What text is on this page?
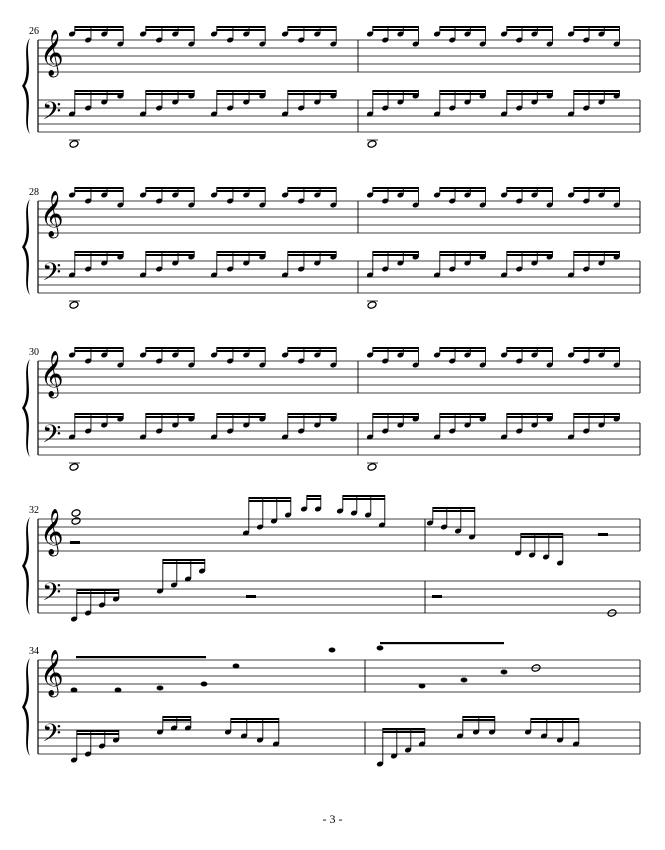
𝄞
𝄢
26
𝄞
𝄢
28
𝄞
𝄢
30
𝄞
𝄢
32
𝄞
𝄢
34
- 3 -
